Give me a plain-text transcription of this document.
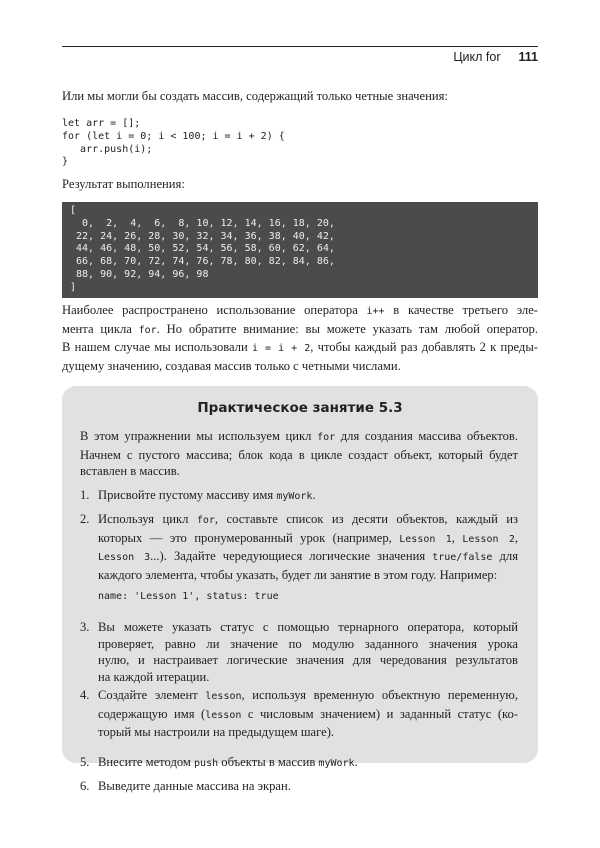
Цикл for 111
Или мы могли бы создать массив, содержащий только четные значения:
let arr = [];
for (let i = 0; i < 100; i = i + 2) {
arr.push(i);
}
Результат выполнения:
[
0,  2,  4,  6,  8, 10, 12, 14, 16, 18, 20,
22, 24, 26, 28, 30, 32, 34, 36, 38, 40, 42,
44, 46, 48, 50, 52, 54, 56, 58, 60, 62, 64,
66, 68, 70, 72, 74, 76, 78, 80, 82, 84, 86,
88, 90, 92, 94, 96, 98
]
Наиболее распространено использование оператора i++ в качестве третьего эле-
мента цикла for. Но обратите внимание: вы можете указать там любой оператор.
В нашем случае мы использовали i = i + 2, чтобы каждый раз добавлять 2 к преды-
дущему значению, создавая массив только с четными числами.
Практическое занятие 5.3
В этом упражнении мы используем цикл for для создания массива объектов.
Начнем с пустого массива; блок кода в цикле создаст объект, который будет
вставлен в массив.
1. Присвойте пустому массиву имя myWork.
2. Используя цикл for, составьте список из десяти объектов, каждый из
которых — это пронумерованный урок (например, Lesson 1, Lesson 2,
Lesson 3...). Задайте чередующиеся логические значения true/false для
каждого элемента, чтобы указать, будет ли занятие в этом году. Например:
name: 'Lesson 1', status: true
3. Вы можете указать статус с помощью тернарного оператора, который
проверяет, равно ли значение по модулю заданного значения урока
нулю, и настраивает логические значения для чередования результатов
на каждой итерации.
4. Создайте элемент lesson, используя временную объектную переменную,
содержащую имя (lesson с числовым значением) и заданный статус (ко-
торый мы настроили на предыдущем шаге).
5. Внесите методом push объекты в массив myWork.
6. Выведите данные массива на экран.
